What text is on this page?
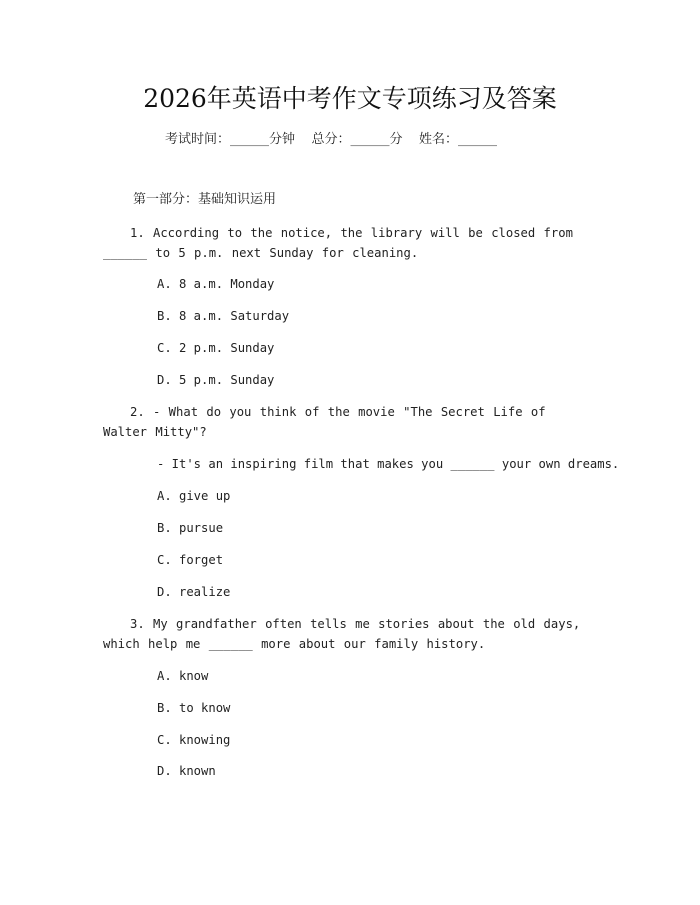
2026年英语中考作文专项练习及答案
考试时间：______分钟    总分：______分    姓名：______
第一部分：基础知识运用
1. According to the notice, the library will be closed from ______ to 5 p.m. next Sunday for cleaning.
A. 8 a.m. Monday
B. 8 a.m. Saturday
C. 2 p.m. Sunday
D. 5 p.m. Sunday
2. - What do you think of the movie "The Secret Life of Walter Mitty"?
- It's an inspiring film that makes you ______ your own dreams.
A. give up
B. pursue
C. forget
D. realize
3. My grandfather often tells me stories about the old days, which help me ______ more about our family history.
A. know
B. to know
C. knowing
D. known
